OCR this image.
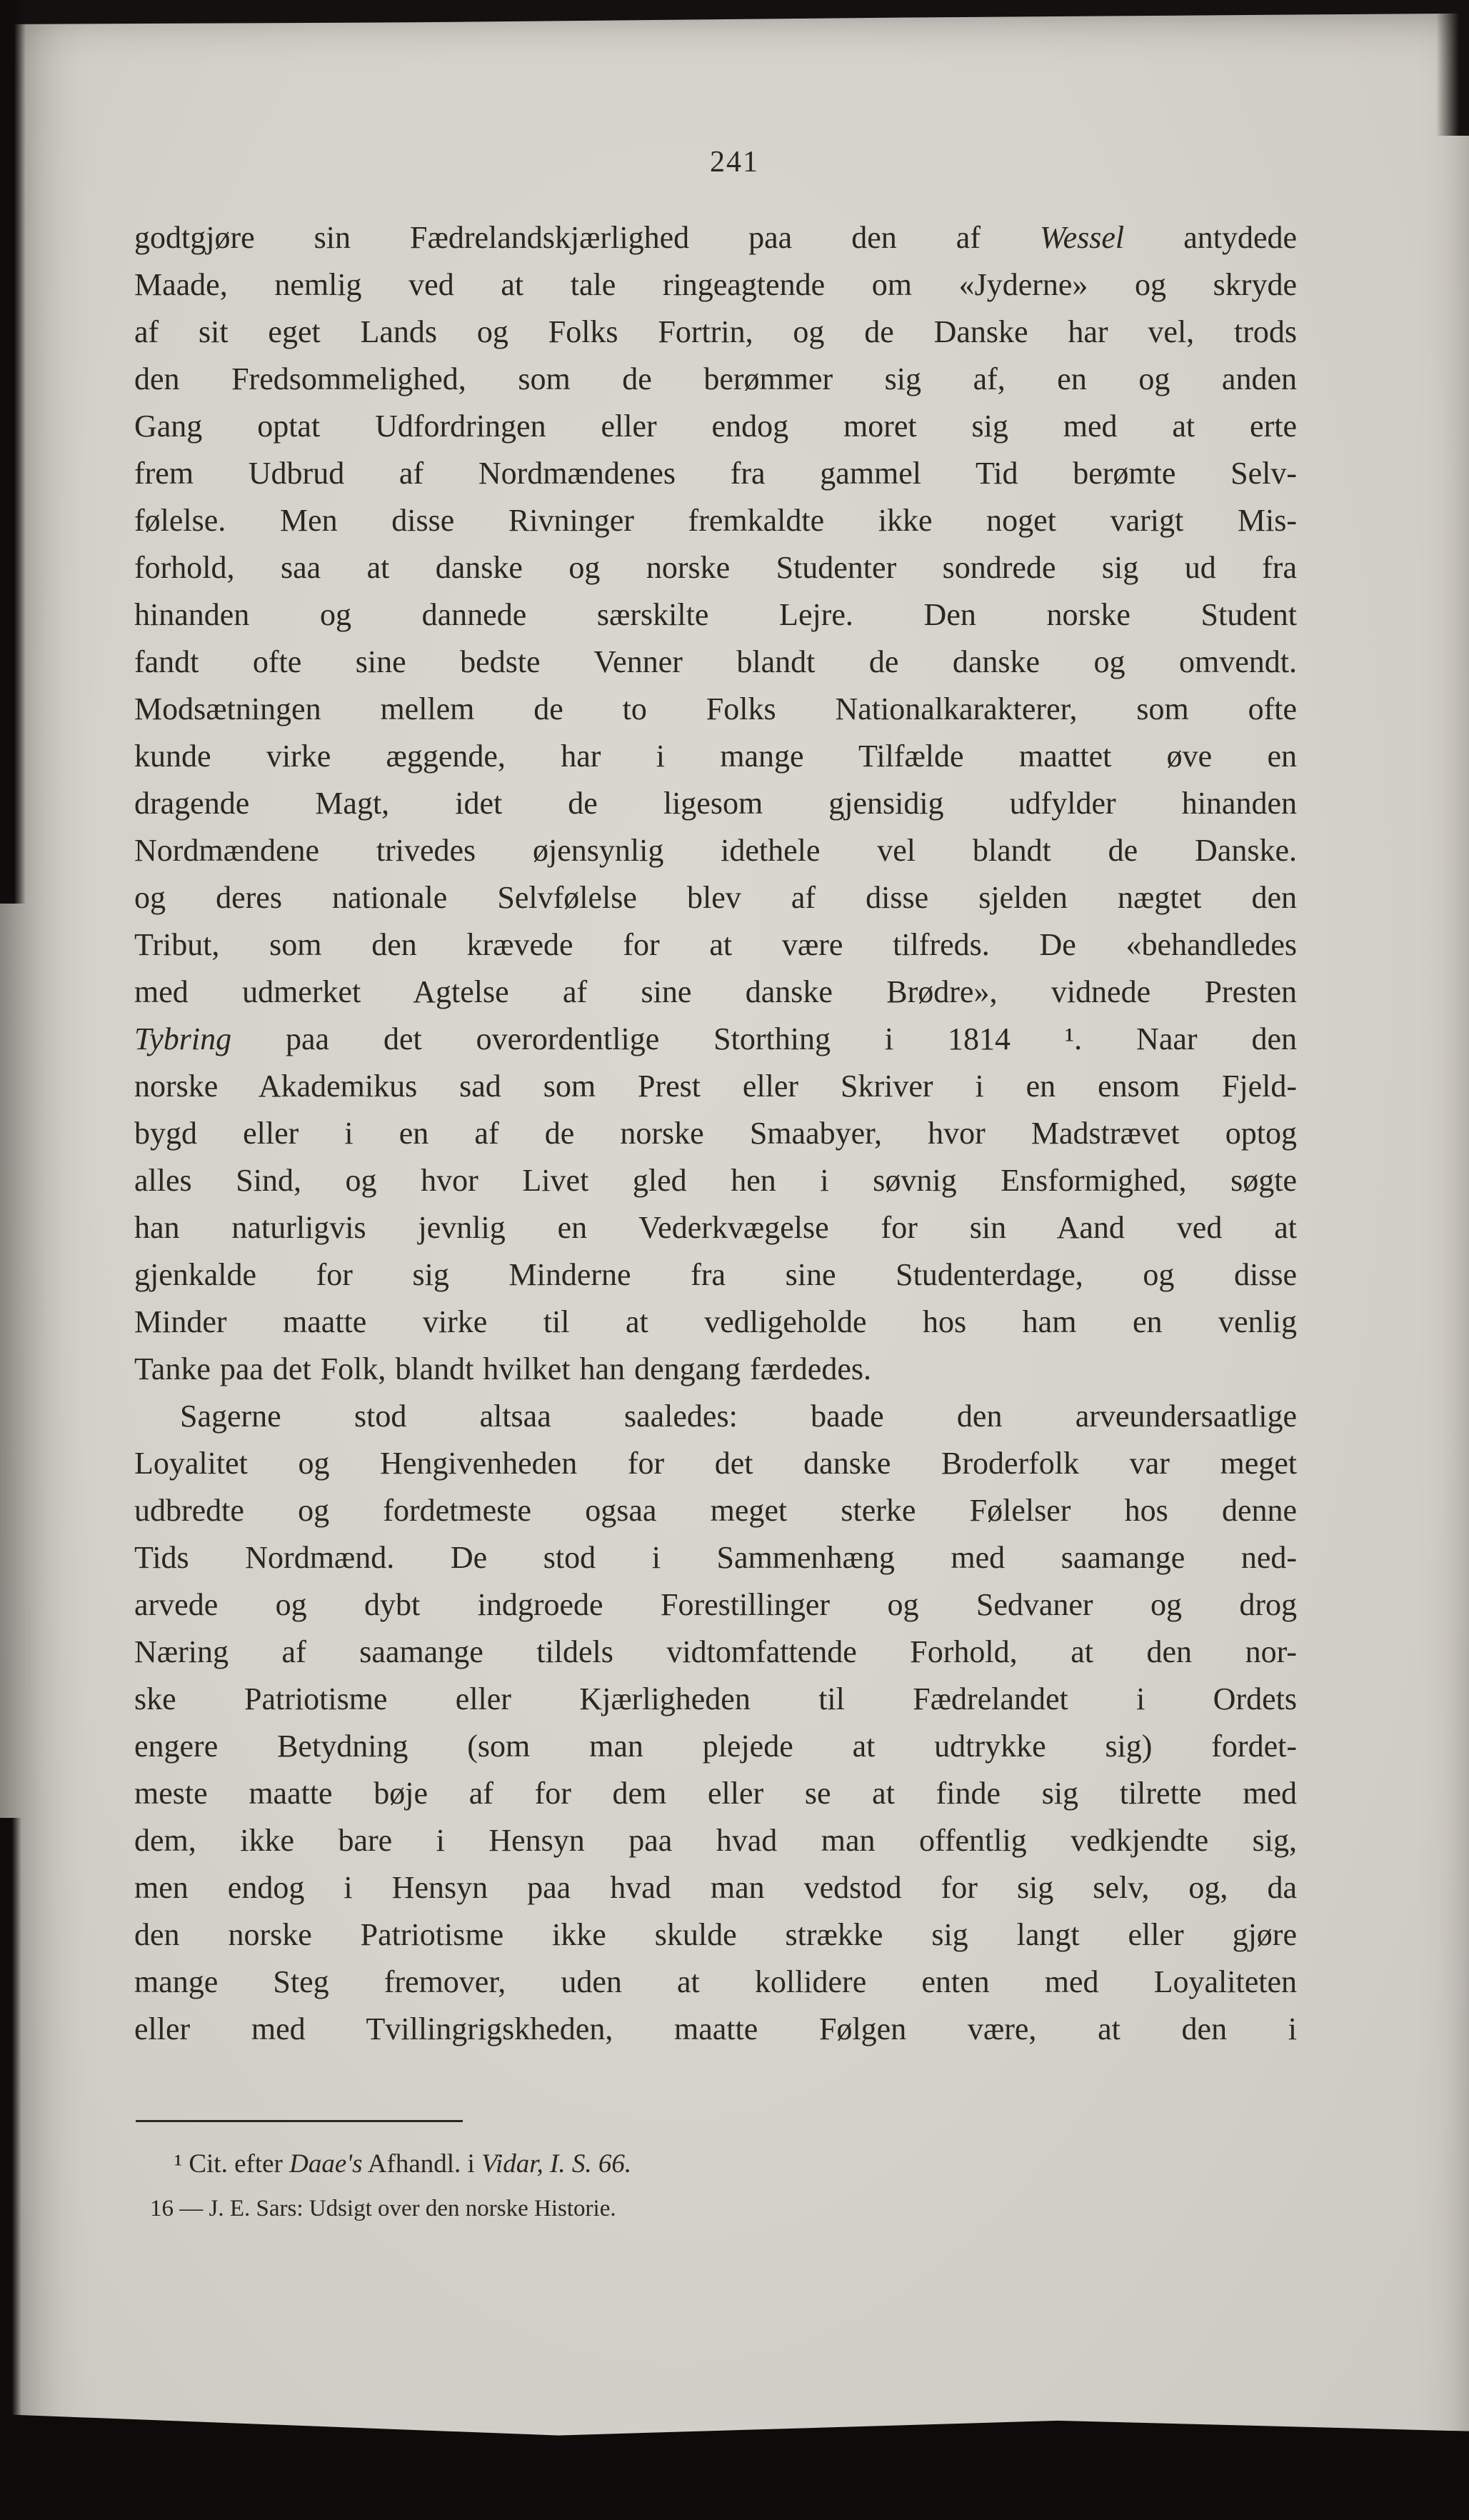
241
godtgjøre sin Fædrelandskjærlighed paa den af Wessel antydede
Maade, nemlig ved at tale ringeagtende om «Jyderne» og skryde
af sit eget Lands og Folks Fortrin, og de Danske har vel, trods
den Fredsommelighed, som de berømmer sig af, en og anden
Gang optat Udfordringen eller endog moret sig med at erte
frem Udbrud af Nordmændenes fra gammel Tid berømte Selv-
følelse. Men disse Rivninger fremkaldte ikke noget varigt Mis-
forhold, saa at danske og norske Studenter sondrede sig ud fra
hinanden og dannede særskilte Lejre. Den norske Student
fandt ofte sine bedste Venner blandt de danske og omvendt.
Modsætningen mellem de to Folks Nationalkarakterer, som ofte
kunde virke æggende, har i mange Tilfælde maattet øve en
dragende Magt, idet de ligesom gjensidig udfylder hinanden
Nordmændene trivedes øjensynlig idethele vel blandt de Danske.
og deres nationale Selvfølelse blev af disse sjelden nægtet den
Tribut, som den krævede for at være tilfreds. De «behandledes
med udmerket Agtelse af sine danske Brødre», vidnede Presten
Tybring paa det overordentlige Storthing i 1814 ¹. Naar den
norske Akademikus sad som Prest eller Skriver i en ensom Fjeld-
bygd eller i en af de norske Smaabyer, hvor Madstrævet optog
alles Sind, og hvor Livet gled hen i søvnig Ensformighed, søgte
han naturligvis jevnlig en Vederkvægelse for sin Aand ved at
gjenkalde for sig Minderne fra sine Studenterdage, og disse
Minder maatte virke til at vedligeholde hos ham en venlig
Tanke paa det Folk, blandt hvilket han dengang færdedes.
Sagerne stod altsaa saaledes: baade den arveundersaatlige
Loyalitet og Hengivenheden for det danske Broderfolk var meget
udbredte og fordetmeste ogsaa meget sterke Følelser hos denne
Tids Nordmænd. De stod i Sammenhæng med saamange ned-
arvede og dybt indgroede Forestillinger og Sedvaner og drog
Næring af saamange tildels vidtomfattende Forhold, at den nor-
ske Patriotisme eller Kjærligheden til Fædrelandet i Ordets
engere Betydning (som man plejede at udtrykke sig) fordet-
meste maatte bøje af for dem eller se at finde sig tilrette med
dem, ikke bare i Hensyn paa hvad man offentlig vedkjendte sig,
men endog i Hensyn paa hvad man vedstod for sig selv, og, da
den norske Patriotisme ikke skulde strække sig langt eller gjøre
mange Steg fremover, uden at kollidere enten med Loyaliteten
eller med Tvillingrigskheden, maatte Følgen være, at den i
¹ Cit. efter Daae's Afhandl. i Vidar, I. S. 66.
16 — J. E. Sars: Udsigt over den norske Historie.
